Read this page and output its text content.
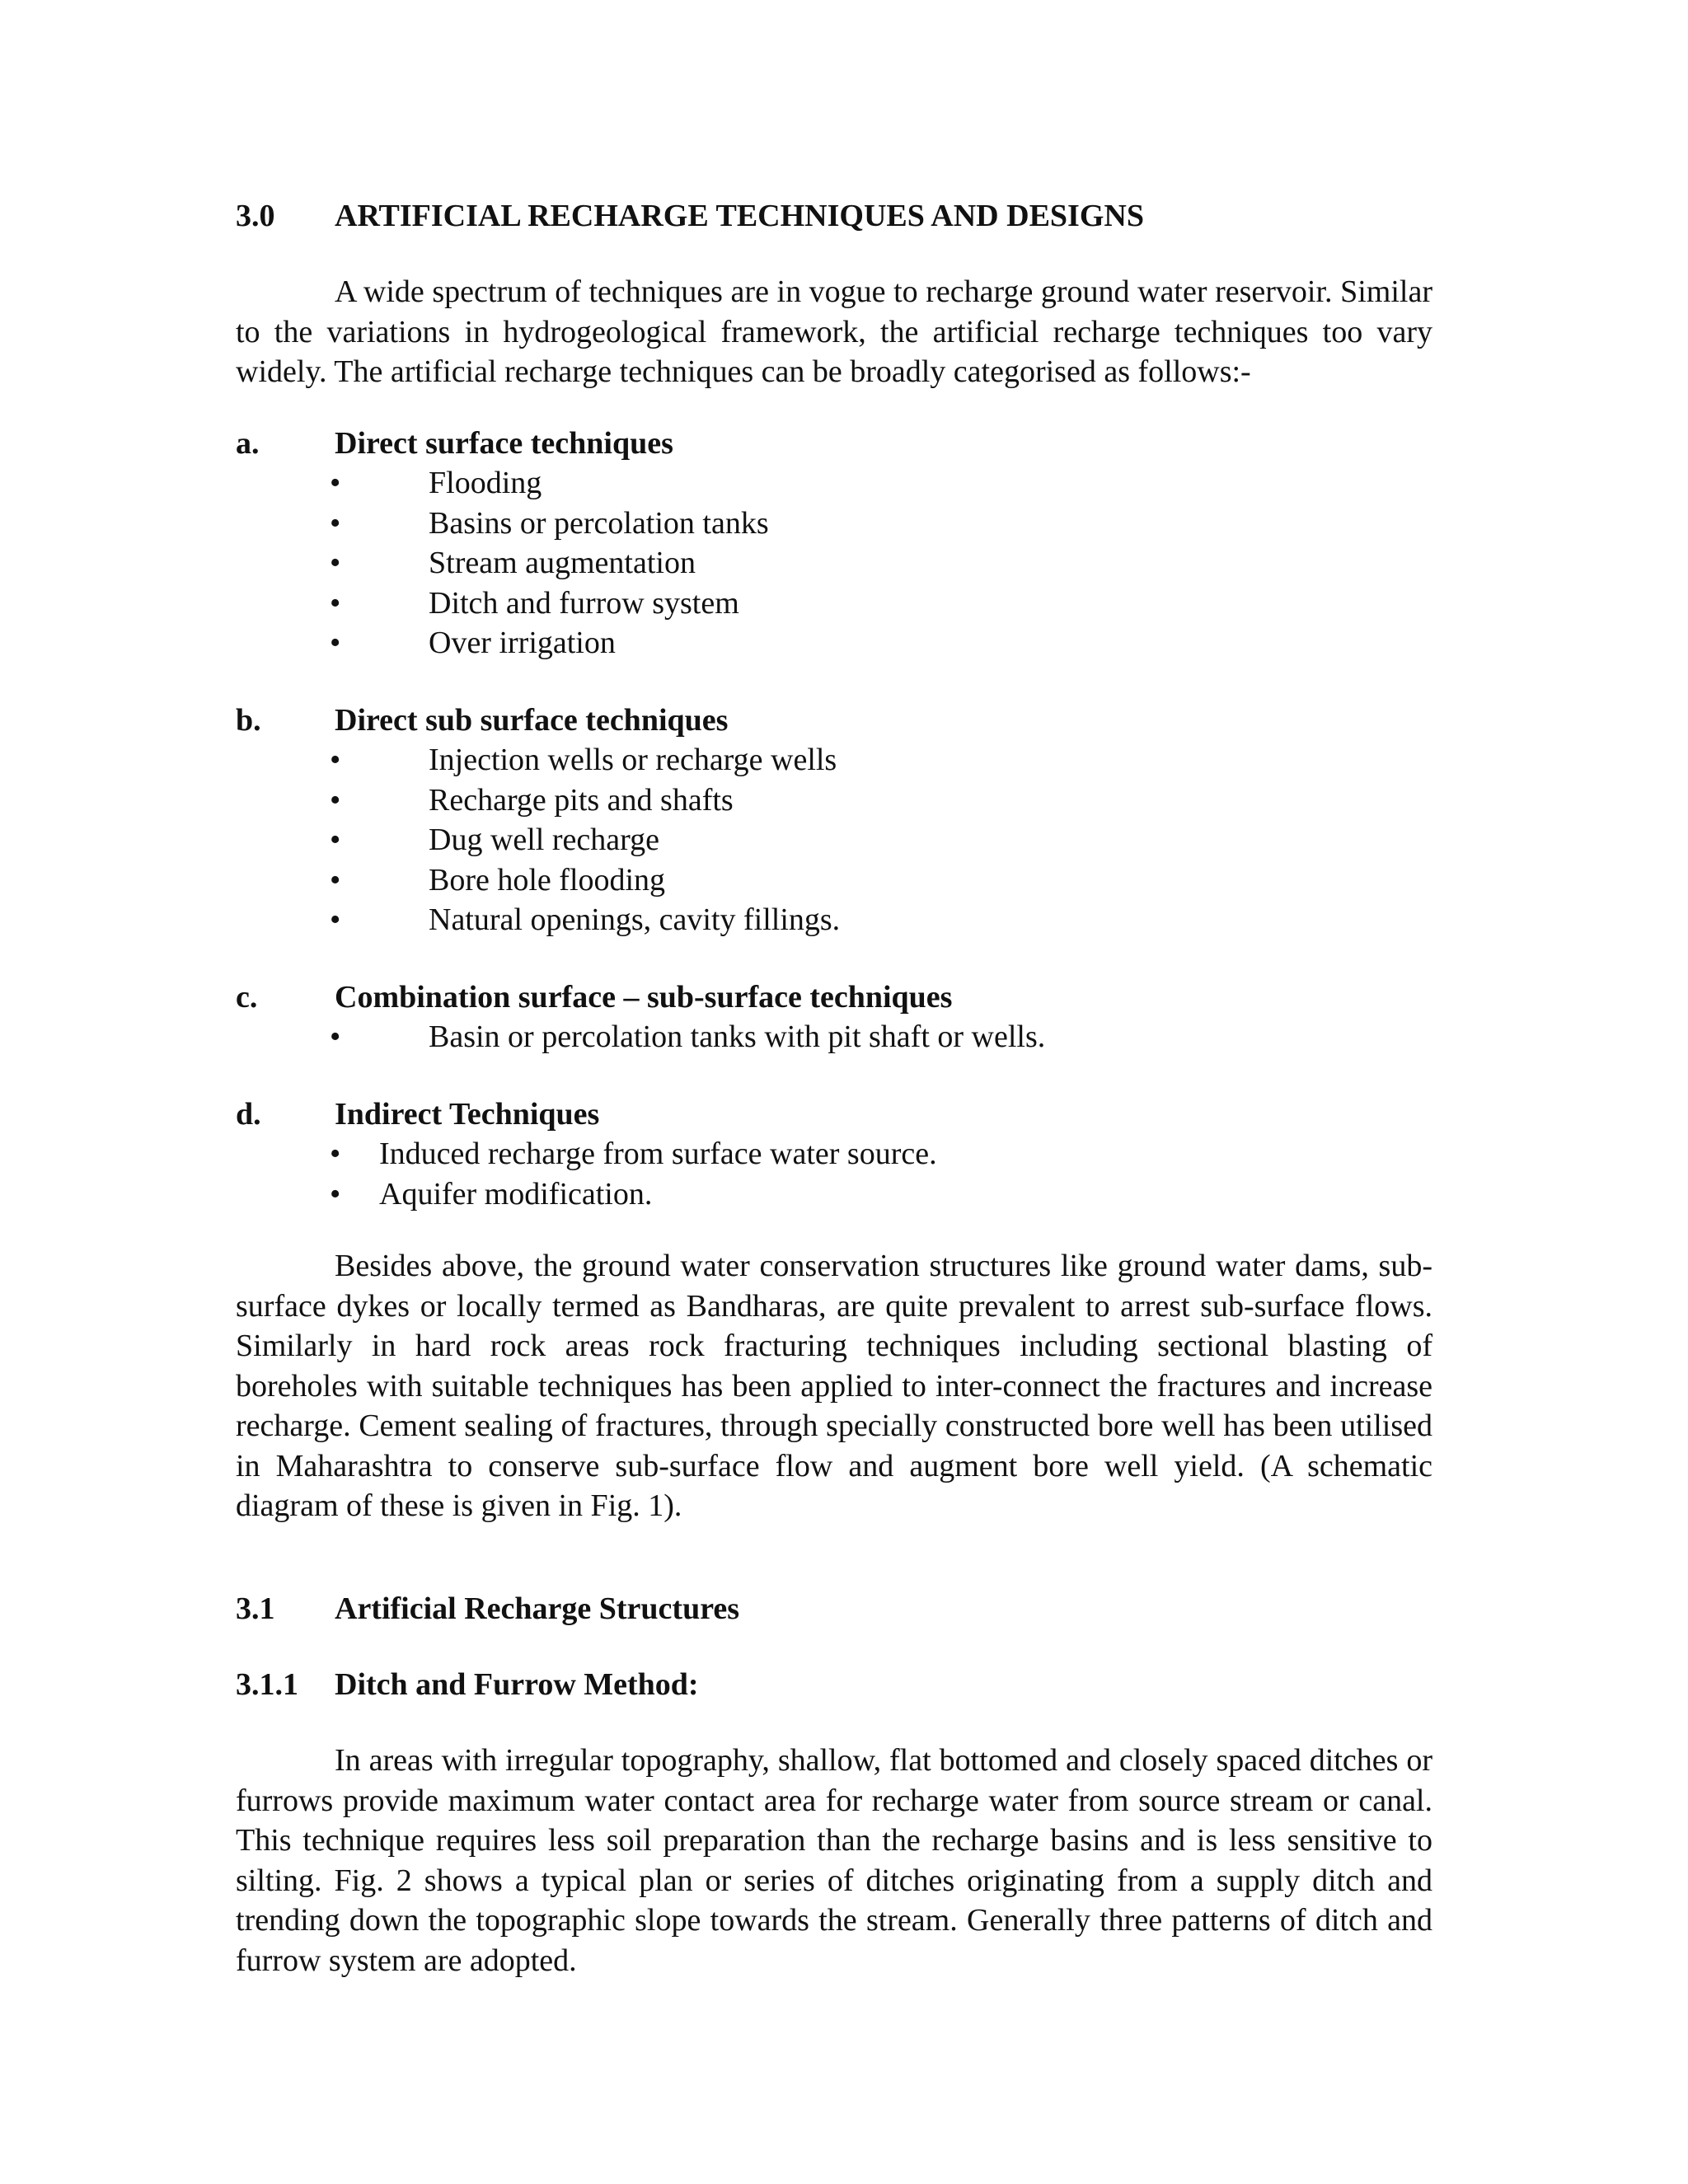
3.0 ARTIFICIAL RECHARGE TECHNIQUES AND DESIGNS

A wide spectrum of techniques are in vogue to recharge ground water reservoir. Similar to the variations in hydrogeological framework, the artificial recharge techniques too vary widely. The artificial recharge techniques can be broadly categorised as follows:-

a. Direct surface techniques
•	Flooding
•	Basins or percolation tanks
•	Stream augmentation
•	Ditch and furrow system
•	Over irrigation
b. Direct sub surface techniques
•	Injection wells or recharge wells
•	Recharge pits and shafts
•	Dug well recharge
•	Bore hole flooding
•	Natural openings, cavity fillings.
c. Combination surface – sub-surface techniques
•	Basin or percolation tanks with pit shaft or wells.
d. Indirect Techniques
• Induced recharge from surface water source.
• Aquifer modification.

Besides above, the ground water conservation structures like ground water dams, sub-surface dykes or locally termed as Bandharas, are quite prevalent to arrest sub-surface flows. Similarly in hard rock areas rock fracturing techniques including sectional blasting of boreholes with suitable techniques has been applied to inter-connect the fractures and increase recharge. Cement sealing of fractures, through specially constructed bore well has been utilised in Maharashtra to conserve sub-surface flow and augment bore well yield. (A schematic diagram of these is given in Fig. 1).

3.1 Artificial Recharge Structures
3.1.1 Ditch and Furrow Method:

In areas with irregular topography, shallow, flat bottomed and closely spaced ditches or furrows provide maximum water contact area for recharge water from source stream or canal. This technique requires less soil preparation than the recharge basins and is less sensitive to silting. Fig. 2 shows a typical plan or series of ditches originating from a supply ditch and trending down the topographic slope towards the stream. Generally three patterns of ditch and furrow system are adopted.
